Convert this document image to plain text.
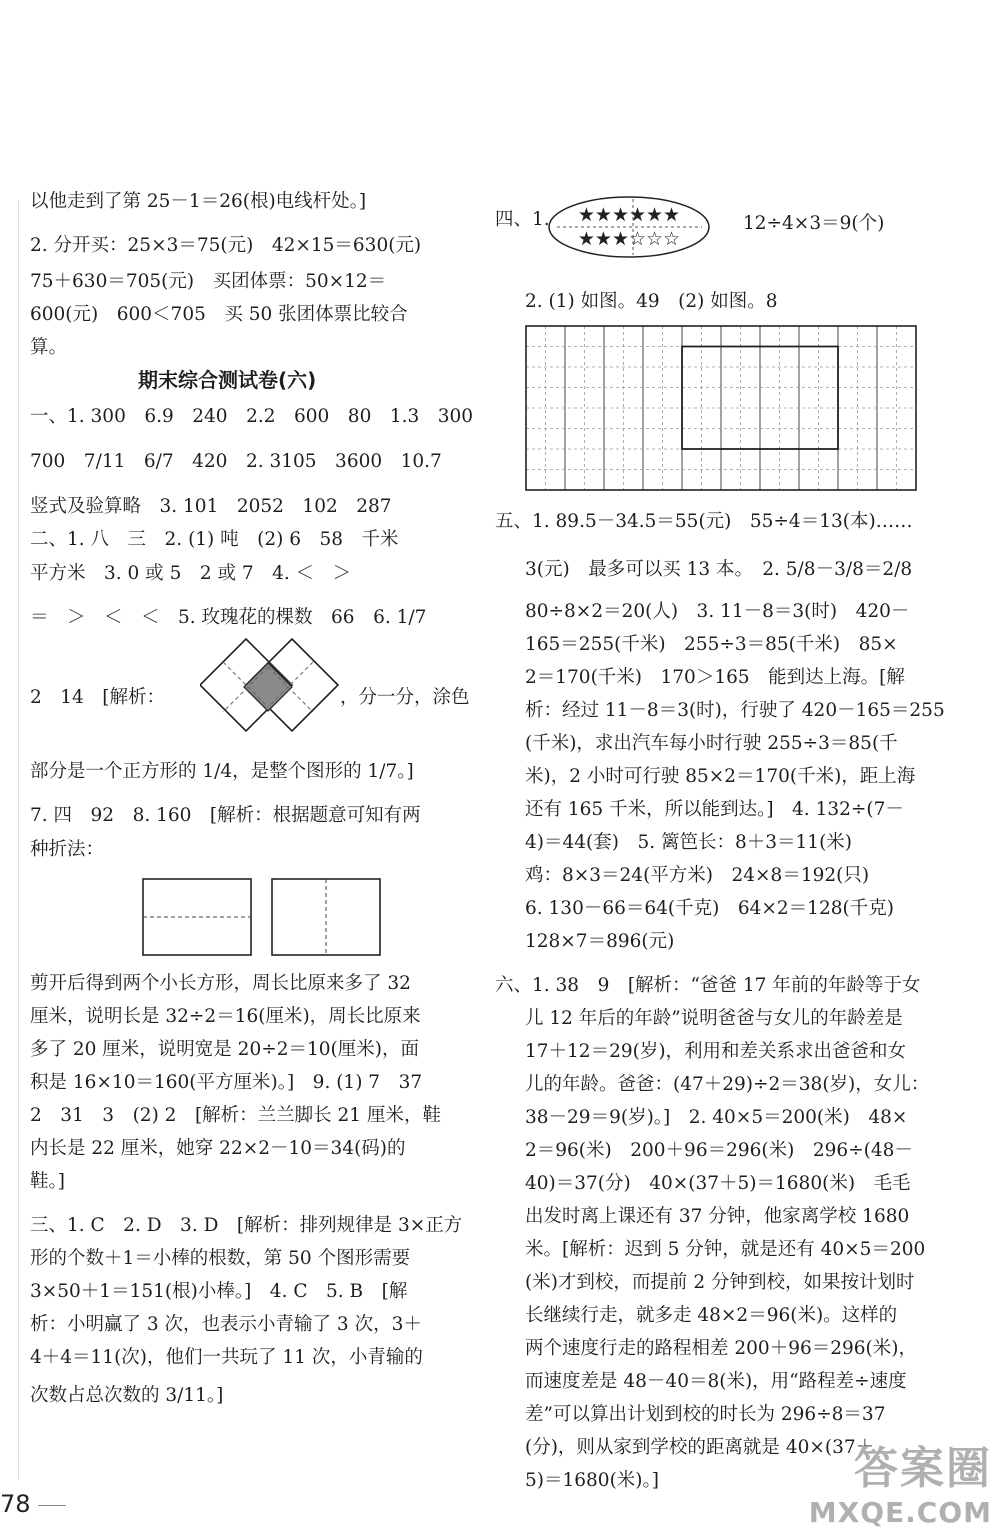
以他走到了第 25－1＝26(根)电线杆处。]
2. 分开买：25×3＝75(元)　42×15＝630(元)
75＋630＝705(元)　买团体票：50×12＝
600(元)　600＜705　买 50 张团体票比较合
算。
期末综合测试卷(六)
一、1. 300　6.9　240　2.2　600　80　1.3　300
700　7/11　6/7　420　2. 3105　3600　10.7
竖式及验算略　3. 101　2052　102　287
二、1. 八　三　2. (1) 吨　(2) 6　58　千米
平方米　3. 0 或 5　2 或 7　4. ＜　＞
＝　＞　＜　＜　5. 玫瑰花的棵数　66　6. 1/7
2　14　[解析：	，分一分，涂色
部分是一个正方形的 1/4，是整个图形的 1/7。]
7. 四　92　8. 160　[解析：根据题意可知有两
种折法：
剪开后得到两个小长方形，周长比原来多了 32
厘米，说明长是 32÷2＝16(厘米)，周长比原来
多了 20 厘米，说明宽是 20÷2＝10(厘米)，面
积是 16×10＝160(平方厘米)。]　9. (1) 7　37
2　31　3　(2) 2　[解析：兰兰脚长 21 厘米，鞋
内长是 22 厘米，她穿 22×2－10＝34(码)的
鞋。]
三、1. C　2. D　3. D　[解析：排列规律是 3×正方
形的个数＋1＝小棒的根数，第 50 个图形需要
3×50＋1＝151(根)小棒。]　4. C　5. B　[解
析：小明赢了 3 次，也表示小青输了 3 次，3＋
4＋4＝11(次)，他们一共玩了 11 次，小青输的
次数占总次数的 3/11。]
四、1. ★★★★★★
★★★☆☆☆
12÷4×3＝9(个)
2. (1) 如图。49　(2) 如图。8
五、1. 89.5－34.5＝55(元)　55÷4＝13(本)……
3(元)　最多可以买 13 本。　2. 5/8－3/8＝2/8
80÷8×2＝20(人)　3. 11－8＝3(时)　420－
165＝255(千米)　255÷3＝85(千米)　85×
2＝170(千米)　170＞165　能到达上海。[解
析：经过 11－8＝3(时)，行驶了 420－165＝255
(千米)，求出汽车每小时行驶 255÷3＝85(千
米)，2 小时可行驶 85×2＝170(千米)，距上海
还有 165 千米，所以能到达。]　4. 132÷(7－
4)＝44(套)　5. 篱笆长：8＋3＝11(米)
鸡：8×3＝24(平方米)　24×8＝192(只)
6. 130－66＝64(千克)　64×2＝128(千克)
128×7＝896(元)
六、1. 38　9　[解析：“爸爸 17 年前的年龄等于女
儿 12 年后的年龄”说明爸爸与女儿的年龄差是
17＋12＝29(岁)，利用和差关系求出爸爸和女
儿的年龄。爸爸：(47＋29)÷2＝38(岁)，女儿：
38－29＝9(岁)。]　2. 40×5＝200(米)　48×
2＝96(米)　200＋96＝296(米)　296÷(48－
40)＝37(分)　40×(37＋5)＝1680(米)　毛毛
出发时离上课还有 37 分钟，他家离学校 1680
米。[解析：迟到 5 分钟，就是还有 40×5＝200
(米)才到校，而提前 2 分钟到校，如果按计划时
长继续行走，就多走 48×2＝96(米)。这样的
两个速度行走的路程相差 200＋96＝296(米)，
而速度差是 48－40＝8(米)，用“路程差÷速度
差”可以算出计划到校的时长为 296÷8＝37
(分)，则从家到学校的距离就是 40×(37＋
5)＝1680(米)。]
78
答案圈
MXQE.COM
